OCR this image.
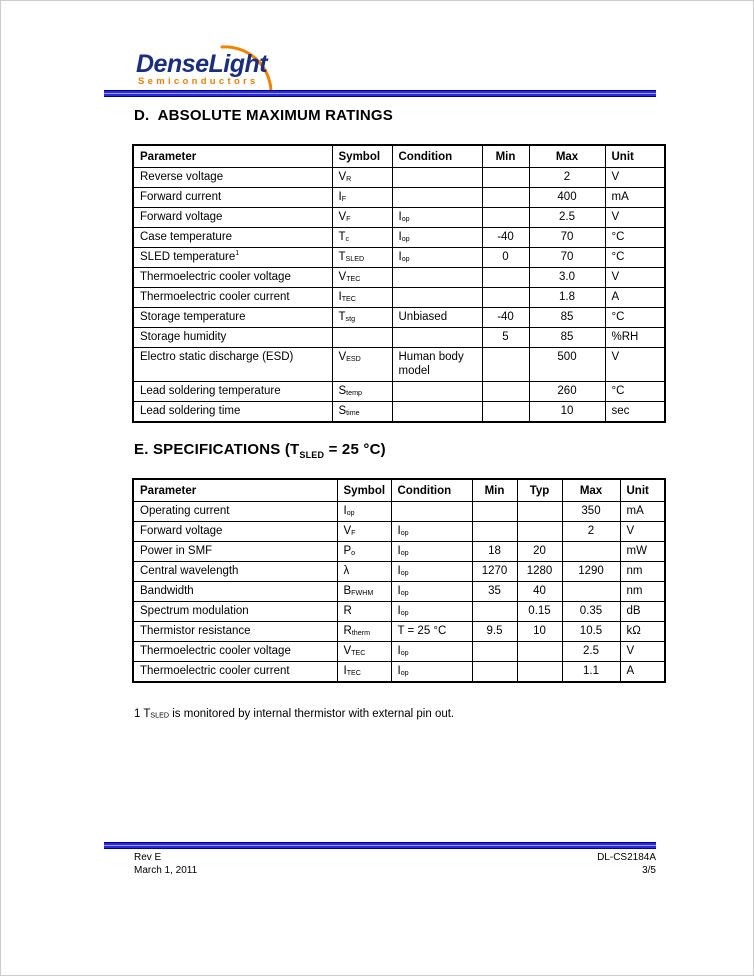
DenseLight
Semiconductors
D.  ABSOLUTE MAXIMUM RATINGS
Parameter	Symbol	Condition	Min	Max	Unit
Reverse voltage	$V_R$			2	V
Forward current	$I_F$			400	mA
Forward voltage	$V_F$	$I_{op}$		2.5	V
Case temperature	$T_c$	$I_{op}$	-40	70	°C
SLED temperature$^1$	$T_{SLED}$	$I_{op}$	0	70	°C
Thermoelectric cooler voltage	$V_{TEC}$			3.0	V
Thermoelectric cooler current	$I_{TEC}$			1.8	A
Storage temperature	$T_{stg}$	Unbiased	-40	85	°C
Storage humidity			5	85	%RH
Electro static discharge (ESD)	$V_{ESD}$	Human body model		500	V
Lead soldering temperature	$S_{temp}$			260	°C
Lead soldering time	$S_{time}$			10	sec
E. SPECIFICATIONS ($T_{SLED} = 25$ °C)
Parameter	Symbol	Condition	Min	Typ	Max	Unit
Operating current	$I_{op}$				350	mA
Forward voltage	$V_F$	$I_{op}$			2	V
Power in SMF	$P_o$	$I_{op}$	18	20		mW
Central wavelength	λ	$I_{op}$	1270	1280	1290	nm
Bandwidth	$B_{FWHM}$	$I_{op}$	35	40		nm
Spectrum modulation	R	$I_{op}$		0.15	0.35	dB
Thermistor resistance	$R_{therm}$	T = 25 °C	9.5	10	10.5	kΩ
Thermoelectric cooler voltage	$V_{TEC}$	$I_{op}$			2.5	V
Thermoelectric cooler current	$I_{TEC}$	$I_{op}$			1.1	A
1 $T_{SLED}$ is monitored by internal thermistor with external pin out.
Rev E
March 1, 2011
DL-CS2184A
3/5
